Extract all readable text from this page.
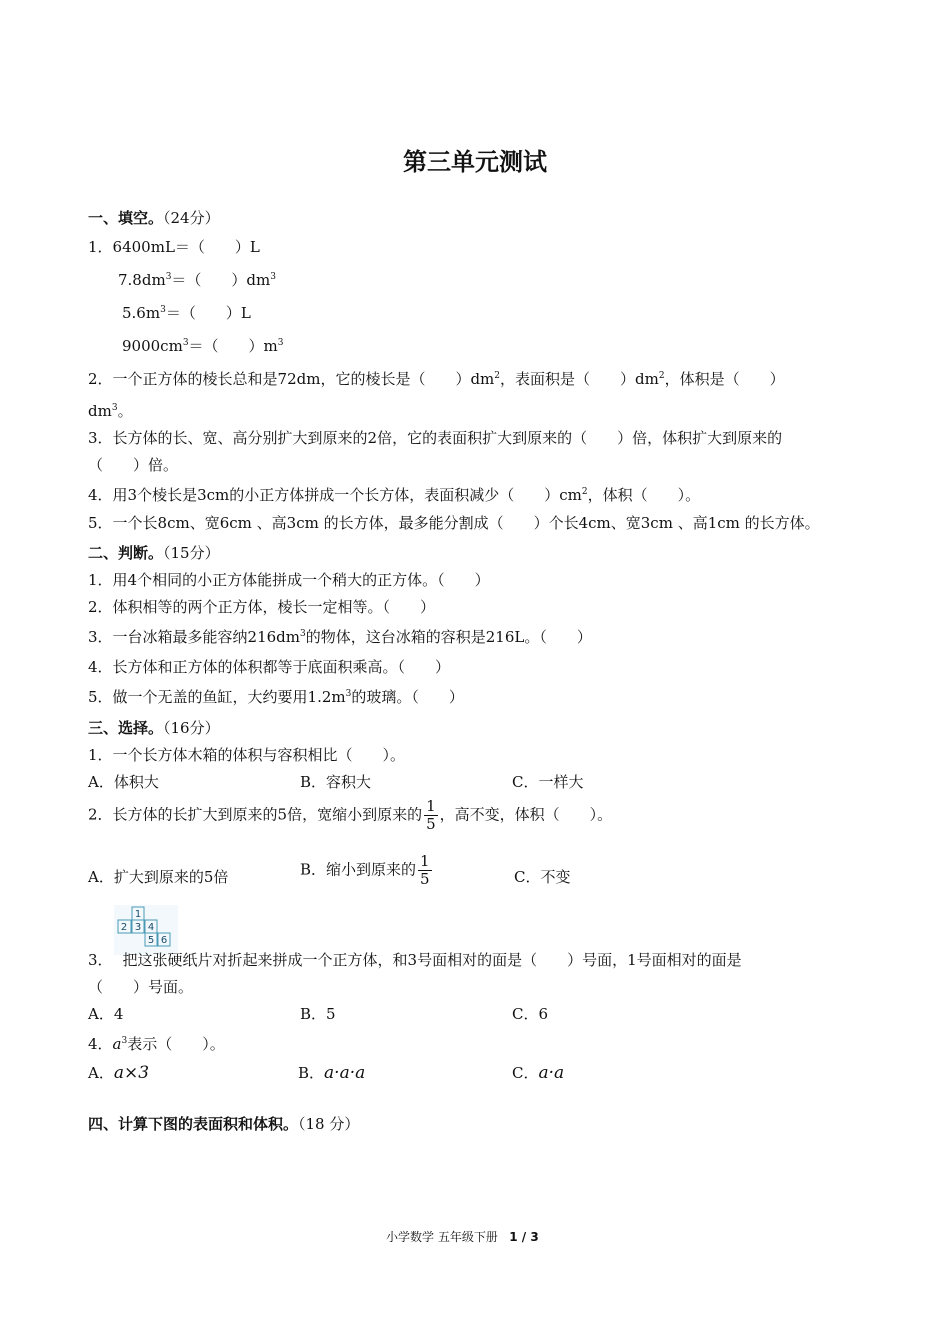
第三单元测试
一、填空。（24分）
1．6400mL＝（　　）L
$7.8dm^3=$（　　）$dm^3$
$5.6m^3=$（　　）L
$9000cm^3=$（　　）$m^3$
2．一个正方体的棱长总和是72dm，它的棱长是（　　）$dm^2$，表面积是（　　）$dm^2$，体积是（　　）
$dm^3$。
3．长方体的长、宽、高分别扩大到原来的2倍，它的表面积扩大到原来的（　　）倍，体积扩大到原来的
（　　）倍。
4．用3个棱长是3cm的小正方体拼成一个长方体，表面积减少（　　）$cm^2$，体积（　　）。
5．一个长8cm、宽6cm 、高3cm 的长方体，最多能分割成（　　）个长4cm、宽3cm 、高1cm 的长方体。
二、判断。（15分）
1．用4个相同的小正方体能拼成一个稍大的正方体。（　　）
2．体积相等的两个正方体，棱长一定相等。（　　）
3．一台冰箱最多能容纳$216dm^3$的物体，这台冰箱的容积是216L。（　　）
4．长方体和正方体的体积都等于底面积乘高。（　　）
5．做一个无盖的鱼缸，大约要用$1.2m^3$的玻璃。（　　）
三、选择。（16分）
1．一个长方体木箱的体积与容积相比（　　）。
A．体积大	B．容积大	C．一样大
2．长方体的长扩大到原来的5倍，宽缩小到原来的 $\frac{1}{5}$ ，高不变，体积（　　）。
A．扩大到原来的5倍	B．缩小到原来的 $\frac{1}{5}$	C．不变
1
2 3 4
5 6
3． 把这张硬纸片对折起来拼成一个正方体，和3号面相对的面是（　　）号面，1号面相对的面是
（　　）号面。
A．4	B．5	C．6
4．$a^3$表示（　　）。
A．a×3	B．a·a·a	C．a·a
四、计算下图的表面积和体积。（18 分）
小学数学 五年级下册 1 / 3
